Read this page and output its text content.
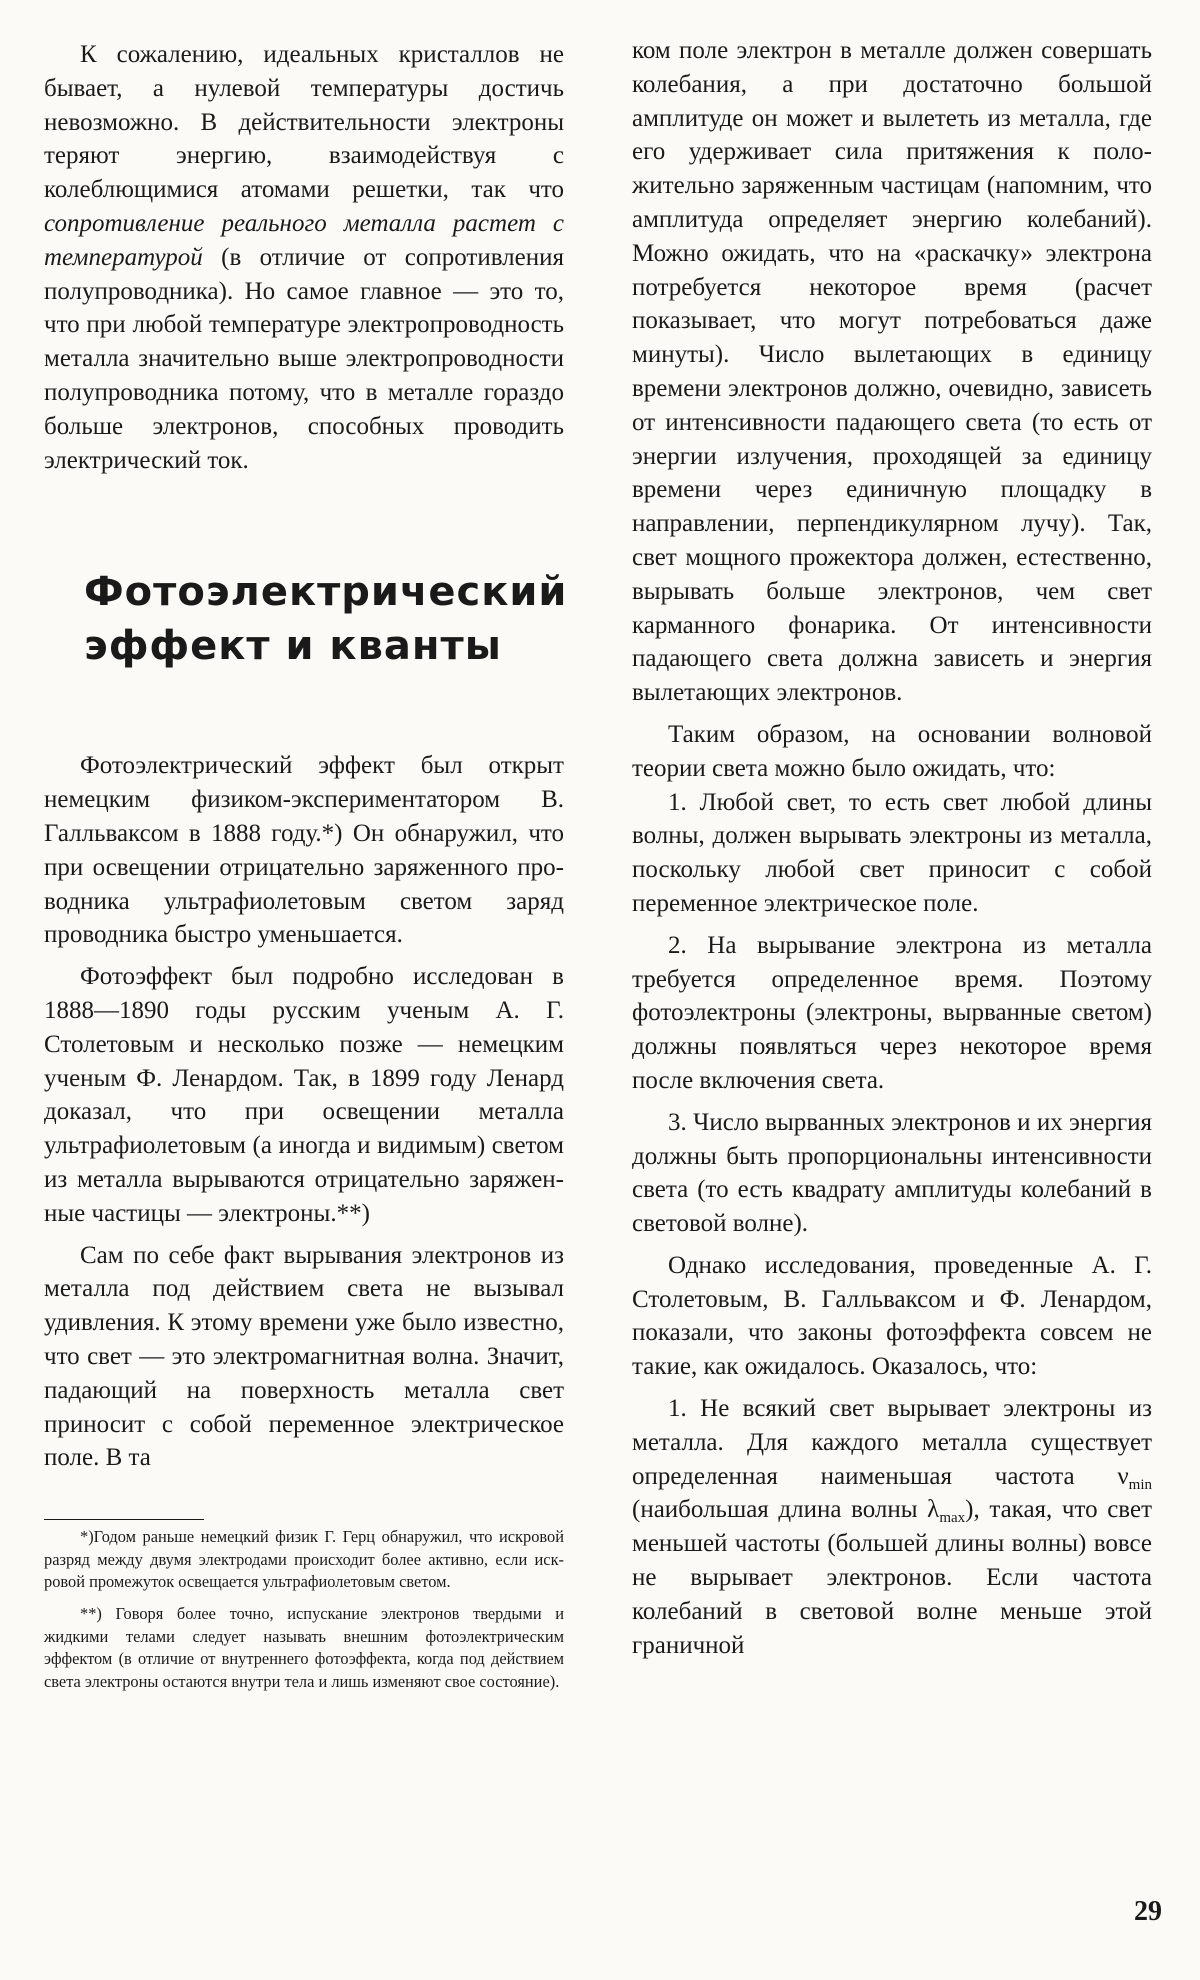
К сожалению, идеальных кристаллов не бывает, а нулевой температуры достичь невозможно. В действительности электроны теряют энергию, взаимодействуя с колеблющимися атомами решетки, так что сопротивление реального металла растет с температурой (в отличие от сопротивления полупроводника). Но самое главное — это то, что при любой температуре электропроводность металла значительно выше электропроводности полупроводника потому, что в металле гораздо больше электронов, способных проводить электрический ток.

Фотоэлектрический
эффект и кванты

Фотоэлектрический эффект был открыт немецким физиком-экспериментатором В. Галльваксом в 1888 году.*) Он обнаружил, что при освещении отрицательно заряженного проводника ультрафиолетовым светом заряд проводника быстро уменьшается.

Фотоэффект был подробно исследован в 1888—1890 годы русским ученым А. Г. Столетовым и несколько позже — немецким ученым Ф. Ленардом. Так, в 1899 году Ленард доказал, что при освещении металла ультрафиолетовым (а иногда и видимым) светом из металла вырываются отрицательно заряженные частицы — электроны.**)

Сам по себе факт вырывания электронов из металла под действием света не вызывал удивления. К этому времени уже было известно, что свет — это электромагнитная волна. Значит, падающий на поверхность металла свет приносит с собой переменное электрическое поле. В та

*)Годом раньше немецкий физик Г. Герц обнаружил, что искровой разряд между двумя электродами происходит более активно, если искровой промежуток освещается ультрафиолетовым светом.

**) Говоря более точно, испускание электронов твердыми и жидкими телами следует называть внешним фотоэлектрическим эффектом (в отличие от внутреннего фотоэффекта, когда под действием света электроны остаются внутри тела и лишь изменяют свое состояние).

ком поле электрон в металле должен совершать колебания, а при достаточно большой амплитуде он может и вылететь из металла, где его удерживает сила притяжения к положительно заряженным частицам (напомним, что амплитуда определяет энергию колебаний). Можно ожидать, что на «раскачку» электрона потребуется некоторое время (расчет показывает, что могут потребоваться даже минуты). Число вылетающих в единицу времени электронов должно, очевидно, зависеть от интенсивности падающего света (то есть от энергии излучения, проходящей за единицу времени через единичную площадку в направлении, перпендикулярном лучу). Так, свет мощного прожектора должен, естественно, вырывать больше электронов, чем свет карманного фонарика. От интенсивности падающего света должна зависеть и энергия вылетающих электронов.

Таким образом, на основании волновой теории света можно было ожидать, что:

1. Любой свет, то есть свет любой длины волны, должен вырывать электроны из металла, поскольку любой свет приносит с собой переменное электрическое поле.

2. На вырывание электрона из металла требуется определенное время. Поэтому фотоэлектроны (электроны, вырванные светом) должны появляться через некоторое время после включения света.

3. Число вырванных электронов и их энергия должны быть пропорциональны интенсивности света (то есть квадрату амплитуды колебаний в световой волне).

Однако исследования, проведенные А. Г. Столетовым, В. Галльваксом и Ф. Ленардом, показали, что законы фотоэффекта совсем не такие, как ожидалось. Оказалось, что:

1. Не всякий свет вырывает электроны из металла. Для каждого металла существует определенная наименьшая частота $\nu_{min}$ (наибольшая длина волны $\lambda_{max}$), такая, что свет меньшей частоты (большей длины волны) вовсе не вырывает электронов. Если частота колебаний в световой волне меньше этой граничной

29
